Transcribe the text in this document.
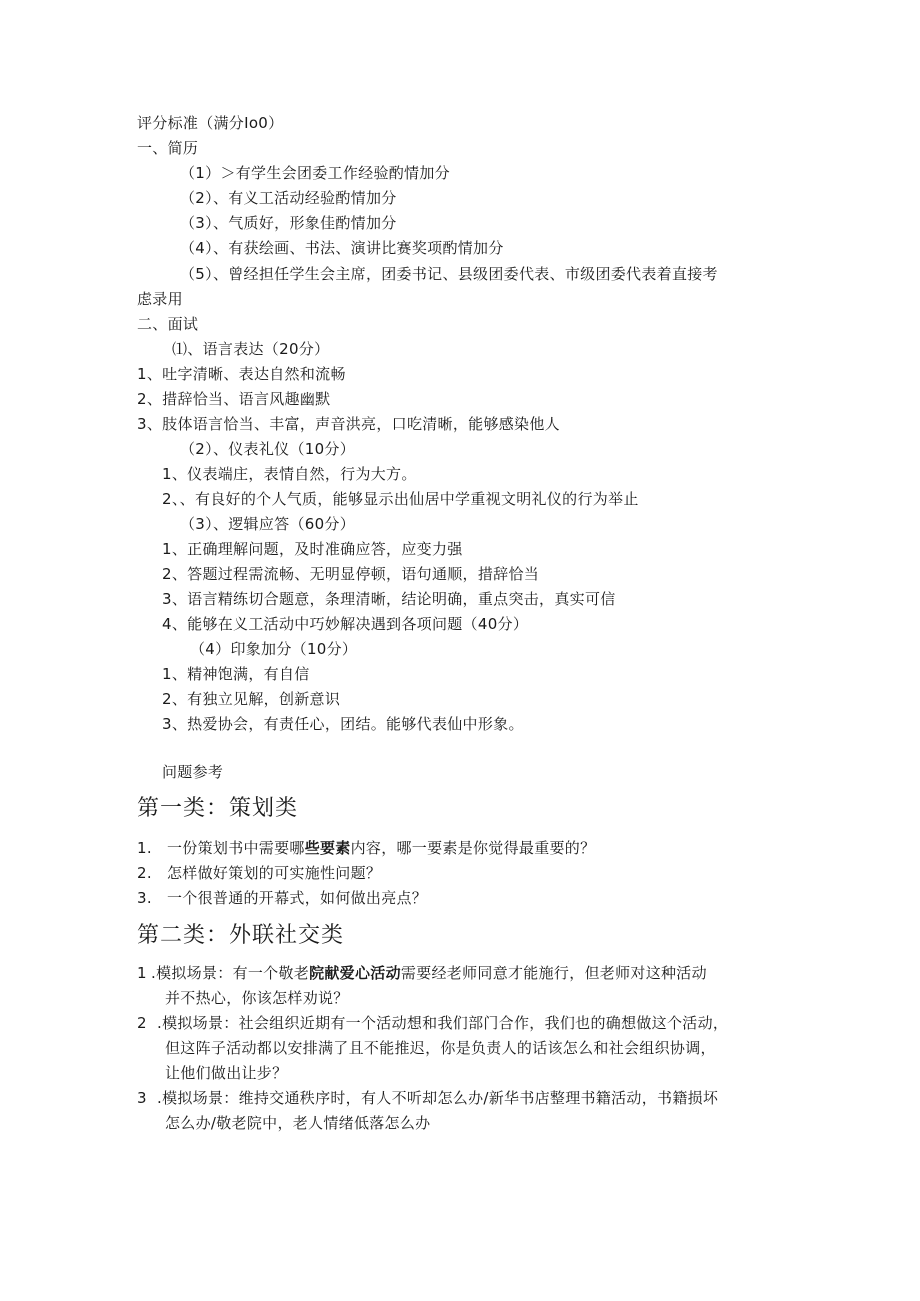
评分标准（满分Io0）

一、简历

（1）＞有学生会团委工作经验酌情加分

（2）、有义工活动经验酌情加分

（3）、气质好，形象佳酌情加分

（4）、有获绘画、书法、演讲比赛奖项酌情加分

（5）、曾经担任学生会主席，团委书记、县级团委代表、市级团委代表着直接考

虑录用

二、面试

⑴、语言表达（20分）

1、吐字清晰、表达自然和流畅

2、措辞恰当、语言风趣幽默

3、肢体语言恰当、丰富，声音洪亮，口吃清晰，能够感染他人

（2）、仪表礼仪（10分）

1、仪表端庄，表情自然，行为大方。

2、、有良好的个人气质，能够显示出仙居中学重视文明礼仪的行为举止

（3）、逻辑应答（60分）

1、正确理解问题，及时准确应答，应变力强

2、答题过程需流畅、无明显停顿，语句通顺，措辞恰当

3、语言精练切合题意，条理清晰，结论明确，重点突击，真实可信

4、能够在义工活动中巧妙解决遇到各项问题（40分）

（4）印象加分（10分）

1、精神饱满，有自信

2、有独立见解，创新意识

3、热爱协会，有责任心，团结。能够代表仙中形象。

问题参考

第一类：策划类

1. 一份策划书中需要哪些要素内容，哪一要素是你觉得最重要的？

2. 怎样做好策划的可实施性问题？

3. 一个很普通的开幕式，如何做出亮点？

第二类：外联社交类

1 .模拟场景：有一个敬老院献爱心活动需要经老师同意才能施行，但老师对这种活动

并不热心，你该怎样劝说？

2 .模拟场景：社会组织近期有一个活动想和我们部门合作，我们也的确想做这个活动，

但这阵子活动都以安排满了且不能推迟，你是负责人的话该怎么和社会组织协调，

让他们做出让步？

3 .模拟场景：维持交通秩序时，有人不听却怎么办/新华书店整理书籍活动，书籍损坏

怎么办/敬老院中，老人情绪低落怎么办
